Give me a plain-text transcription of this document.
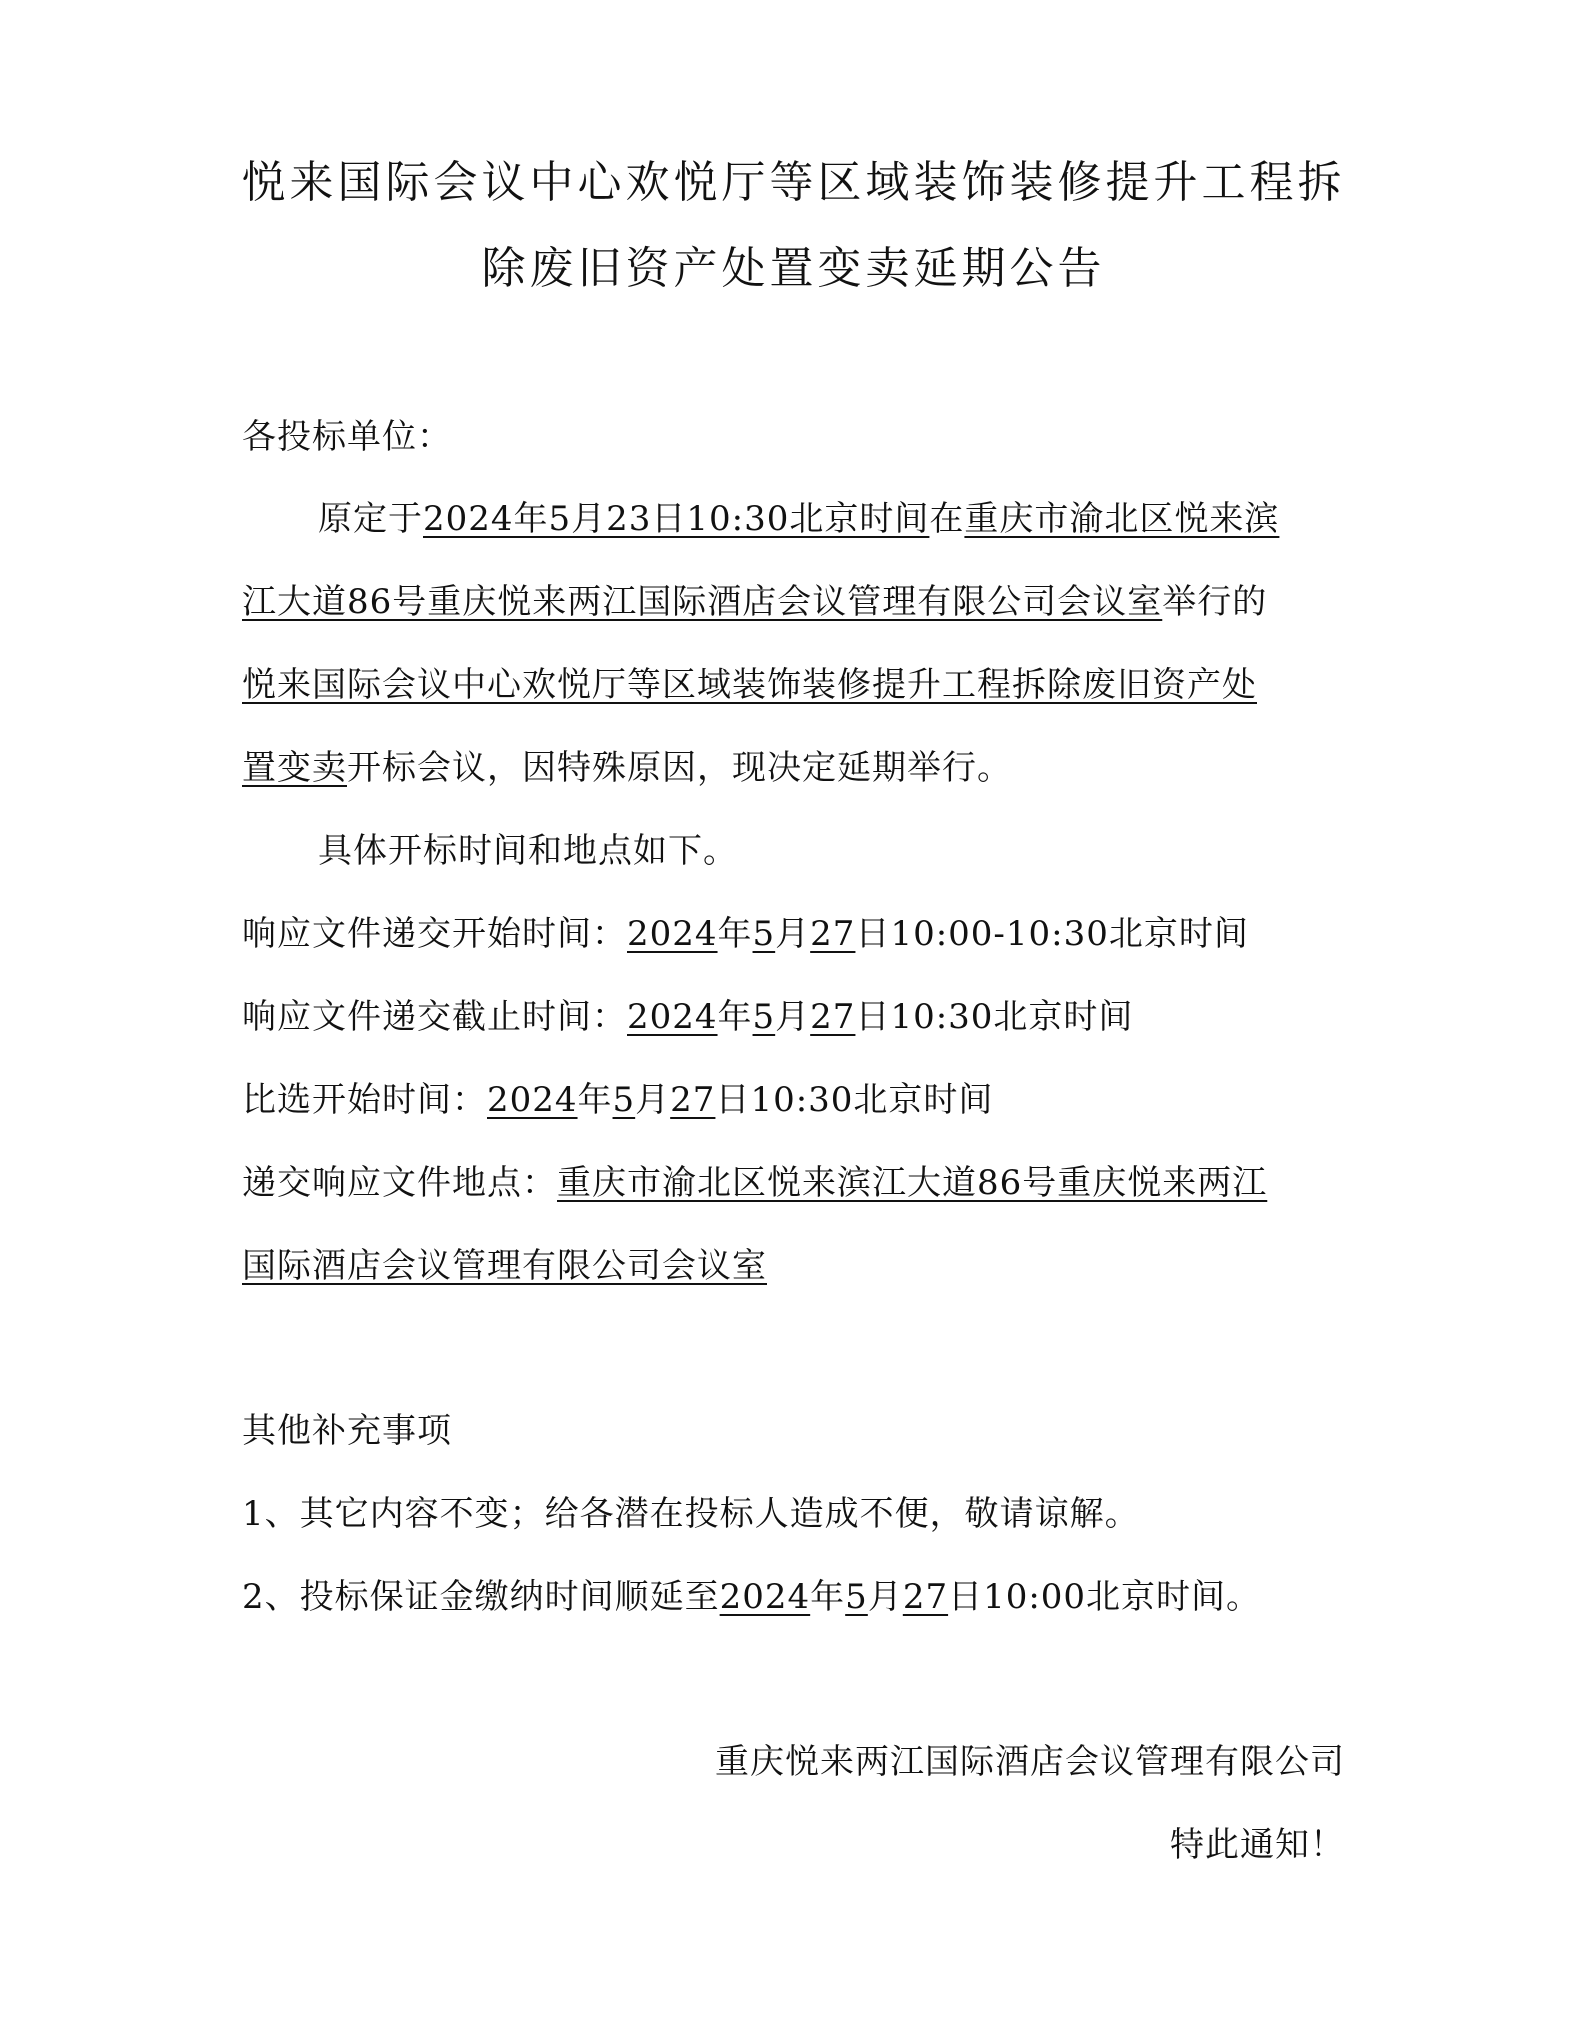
悦来国际会议中心欢悦厅等区域装饰装修提升工程拆
除废旧资产处置变卖延期公告
各投标单位：
原定于2024年5月23日10:30北京时间在重庆市渝北区悦来滨
江大道86号重庆悦来两江国际酒店会议管理有限公司会议室举行的
悦来国际会议中心欢悦厅等区域装饰装修提升工程拆除废旧资产处
置变卖开标会议，因特殊原因，现决定延期举行。
具体开标时间和地点如下。
响应文件递交开始时间：2024年5月27日10:00-10:30北京时间
响应文件递交截止时间：2024年5月27日10:30北京时间
比选开始时间：2024年5月27日10:30北京时间
递交响应文件地点：重庆市渝北区悦来滨江大道86号重庆悦来两江
国际酒店会议管理有限公司会议室
其他补充事项
1、其它内容不变；给各潜在投标人造成不便，敬请谅解。
2、投标保证金缴纳时间顺延至2024年5月27日10:00北京时间。
重庆悦来两江国际酒店会议管理有限公司
特此通知！
